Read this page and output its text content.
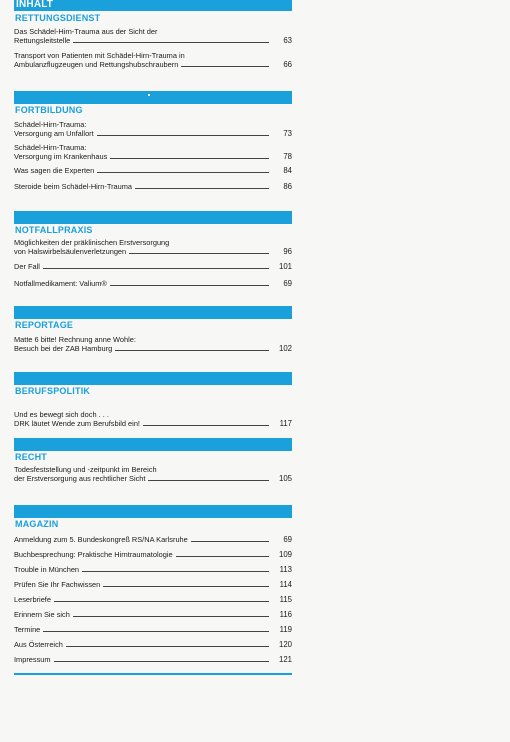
INHALT
RETTUNGSDIENST
Das Schädel-Hirn-Trauma aus der Sicht der
Rettungsleitstelle	63
Transport von Patienten mit Schädel-Hirn-Trauma in
Ambulanzflugzeugen und Rettungshubschraubern	66
FORTBILDUNG
Schädel-Hirn-Trauma:
Versorgung am Unfallort	73
Schädel-Hirn-Trauma:
Versorgung im Krankenhaus	78
Was sagen die Experten	84
Steroide beim Schädel-Hirn-Trauma	86
NOTFALLPRAXIS
Möglichkeiten der präklinischen Erstversorgung
von Halswirbelsäulenverletzungen	96
Der Fall	101
Notfallmedikament: Valium®	69
REPORTAGE
Matte 6 bitte! Rechnung anne Wohle:
Besuch bei der ZAB Hamburg	102
BERUFSPOLITIK
Und es bewegt sich doch . . .
DRK läutet Wende zum Berufsbild ein!	117
RECHT
Todesfeststellung und -zeitpunkt im Bereich
der Erstversorgung aus rechtlicher Sicht	105
MAGAZIN
Anmeldung zum 5. Bundeskongreß RS/NA Karlsruhe	69
Buchbesprechung: Praktische Hirntraumatologie	109
Trouble in München	113
Prüfen Sie Ihr Fachwissen	114
Leserbriefe	115
Erinnern Sie sich	116
Termine	119
Aus Österreich	120
Impressum	121
